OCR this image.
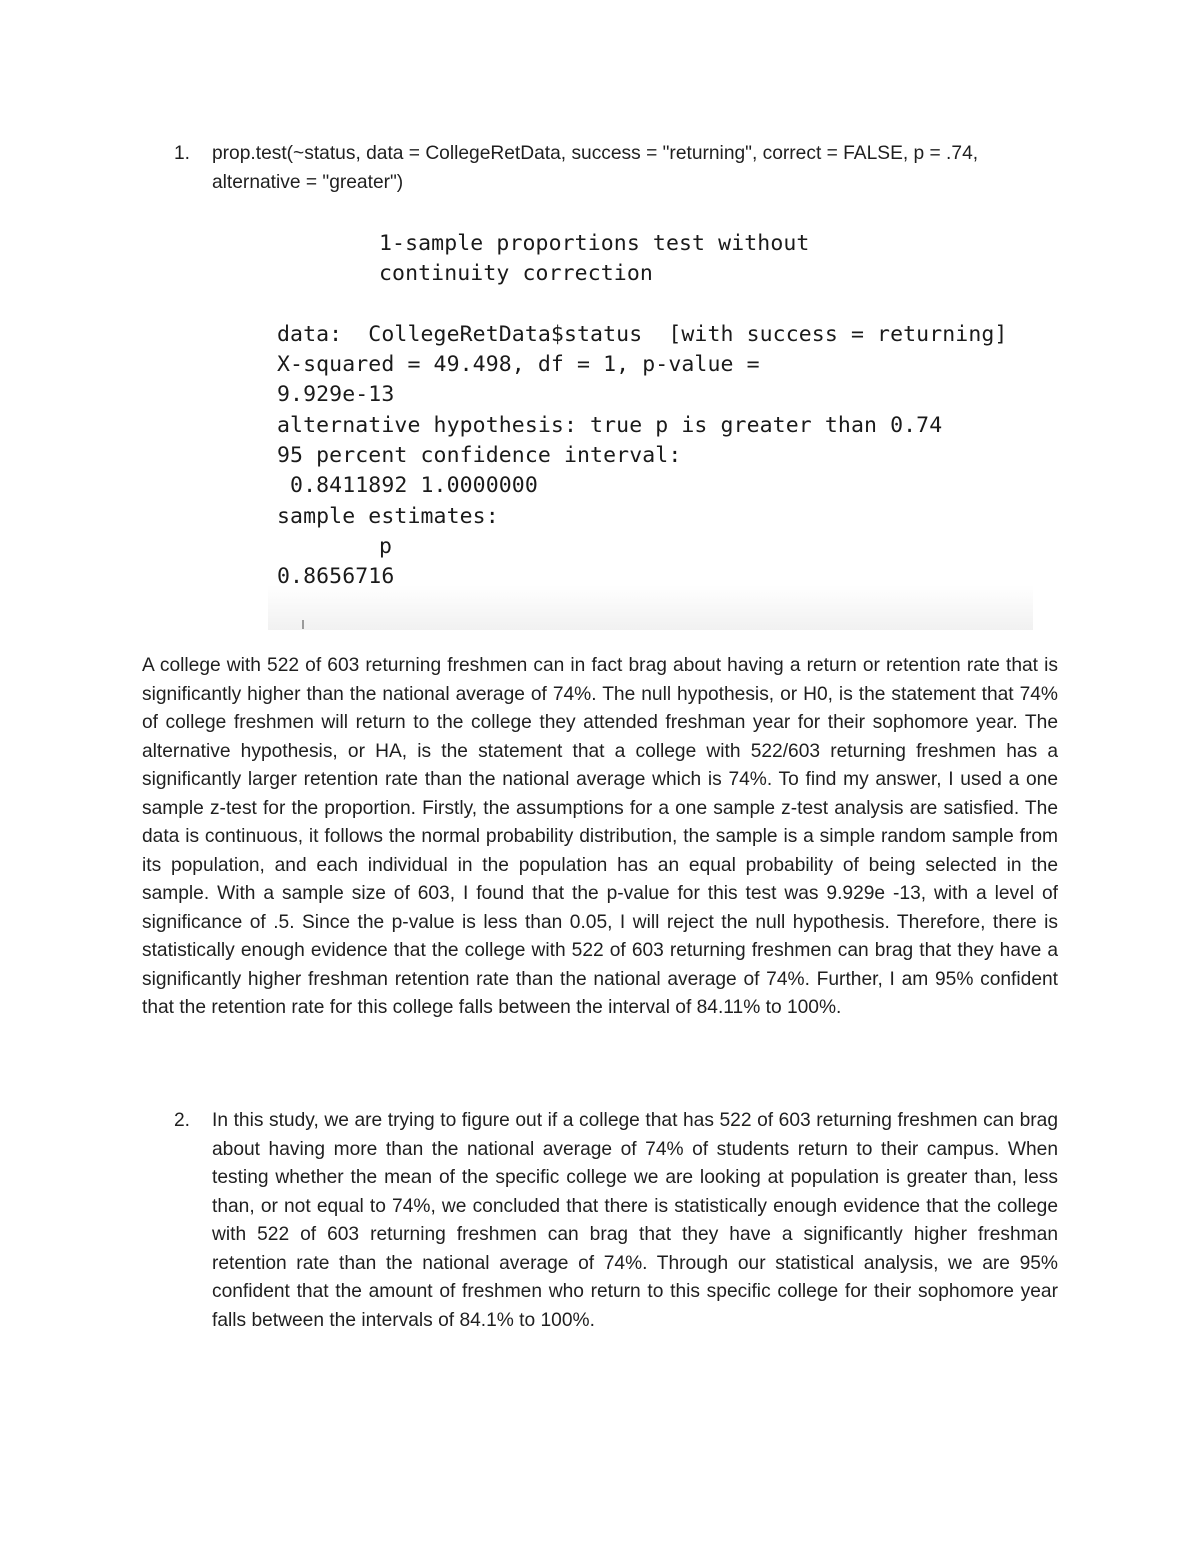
1. prop.test(~status, data = CollegeRetData, success = "returning", correct = FALSE, p = .74, alternative = "greater")
1-sample proportions test without
continuity correction
data:  CollegeRetData$status  [with success = returning]
X-squared = 49.498, df = 1, p-value =
9.929e-13
alternative hypothesis: true p is greater than 0.74
95 percent confidence interval:
0.8411892 1.0000000
sample estimates:
p
0.8656716
A college with 522 of 603 returning freshmen can in fact brag about having a return or retention rate that is significantly higher than the national average of 74%. The null hypothesis, or H0, is the statement that 74% of college freshmen will return to the college they attended freshman year for their sophomore year. The alternative hypothesis, or HA, is the statement that a college with 522/603 returning freshmen has a significantly larger retention rate than the national average which is 74%. To find my answer, I used a one sample z-test for the proportion. Firstly, the assumptions for a one sample z-test analysis are satisfied. The data is continuous, it follows the normal probability distribution, the sample is a simple random sample from its population, and each individual in the population has an equal probability of being selected in the sample. With a sample size of 603, I found that the p-value for this test was 9.929e -13, with a level of significance of .5. Since the p-value is less than 0.05, I will reject the null hypothesis. Therefore, there is statistically enough evidence that the college with 522 of 603 returning freshmen can brag that they have a significantly higher freshman retention rate than the national average of 74%. Further, I am 95% confident that the retention rate for this college falls between the interval of 84.11% to 100%.
2. In this study, we are trying to figure out if a college that has 522 of 603 returning freshmen can brag about having more than the national average of 74% of students return to their campus. When testing whether the mean of the specific college we are looking at population is greater than, less than, or not equal to 74%, we concluded that there is statistically enough evidence that the college with 522 of 603 returning freshmen can brag that they have a significantly higher freshman retention rate than the national average of 74%. Through our statistical analysis, we are 95% confident that the amount of freshmen who return to this specific college for their sophomore year falls between the intervals of 84.1% to 100%.
